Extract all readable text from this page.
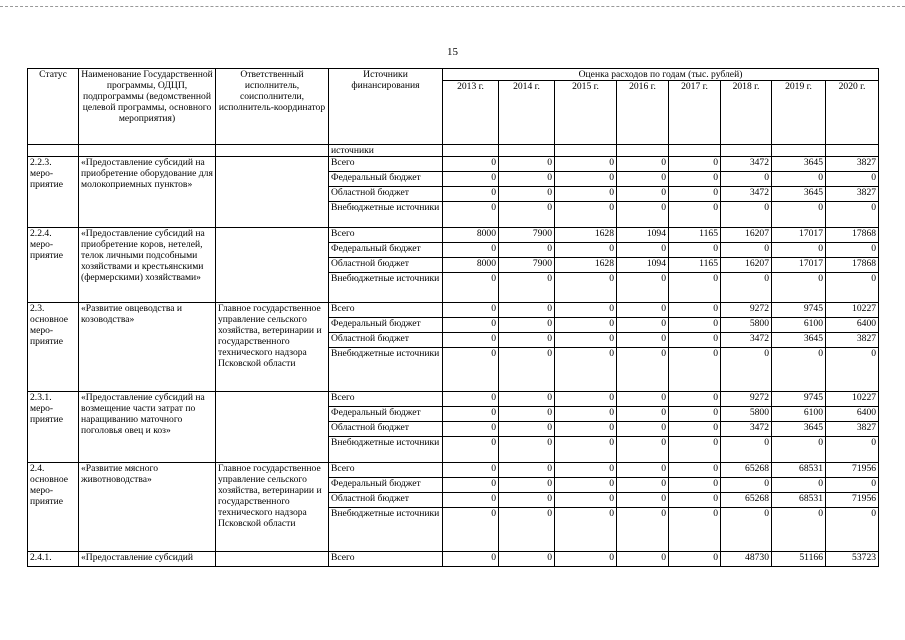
15
Статус	Наименование Государственной программы, ОДЦП, подпрограммы (ведомственной целевой программы, основного мероприятия)	Ответственный исполнитель, соисполнители, исполнитель-координатор	Источники финансирования	Оценка расходов по годам (тыс. рублей)							
				2013 г.	2014 г.	2015 г.	2016 г.	2017 г.	2018 г.	2019 г.	2020 г.
			источники								
2.2.3. меро-приятие	«Предоставление субсидий на приобретение оборудование для молокоприемных пунктов»		Всего	0	0	0	0	0	3472	3645	3827
			Федеральный бюджет	0	0	0	0	0	0	0	0
			Областной бюджет	0	0	0	0	0	3472	3645	3827
			Внебюджетные источники	0	0	0	0	0	0	0	0
2.2.4. меро-приятие	«Предоставление субсидий на приобретение коров, нетелей, телок личными подсобными хозяйствами и крестьянскими (фермерскими) хозяйствами»		Всего	8000	7900	1628	1094	1165	16207	17017	17868
			Федеральный бюджет	0	0	0	0	0	0	0	0
			Областной бюджет	8000	7900	1628	1094	1165	16207	17017	17868
			Внебюджетные источники	0	0	0	0	0	0	0	0
2.3. основное меро-приятие	«Развитие овцеводства и козоводства»	Главное государственное управление сельского хозяйства, ветеринарии и государственного технического надзора Псковской области	Всего	0	0	0	0	0	9272	9745	10227
			Федеральный бюджет	0	0	0	0	0	5800	6100	6400
			Областной бюджет	0	0	0	0	0	3472	3645	3827
			Внебюджетные источники	0	0	0	0	0	0	0	0
2.3.1. меро-приятие	«Предоставление субсидий на возмещение части затрат по наращиванию маточного поголовья овец и коз»		Всего	0	0	0	0	0	9272	9745	10227
			Федеральный бюджет	0	0	0	0	0	5800	6100	6400
			Областной бюджет	0	0	0	0	0	3472	3645	3827
			Внебюджетные источники	0	0	0	0	0	0	0	0
2.4. основное меро-приятие	«Развитие мясного животноводства»	Главное государственное управление сельского хозяйства, ветеринарии и государственного технического надзора Псковской области	Всего	0	0	0	0	0	65268	68531	71956
			Федеральный бюджет	0	0	0	0	0	0	0	0
			Областной бюджет	0	0	0	0	0	65268	68531	71956
			Внебюджетные источники	0	0	0	0	0	0	0	0
2.4.1.	«Предоставление субсидий		Всего	0	0	0	0	0	48730	51166	53723
